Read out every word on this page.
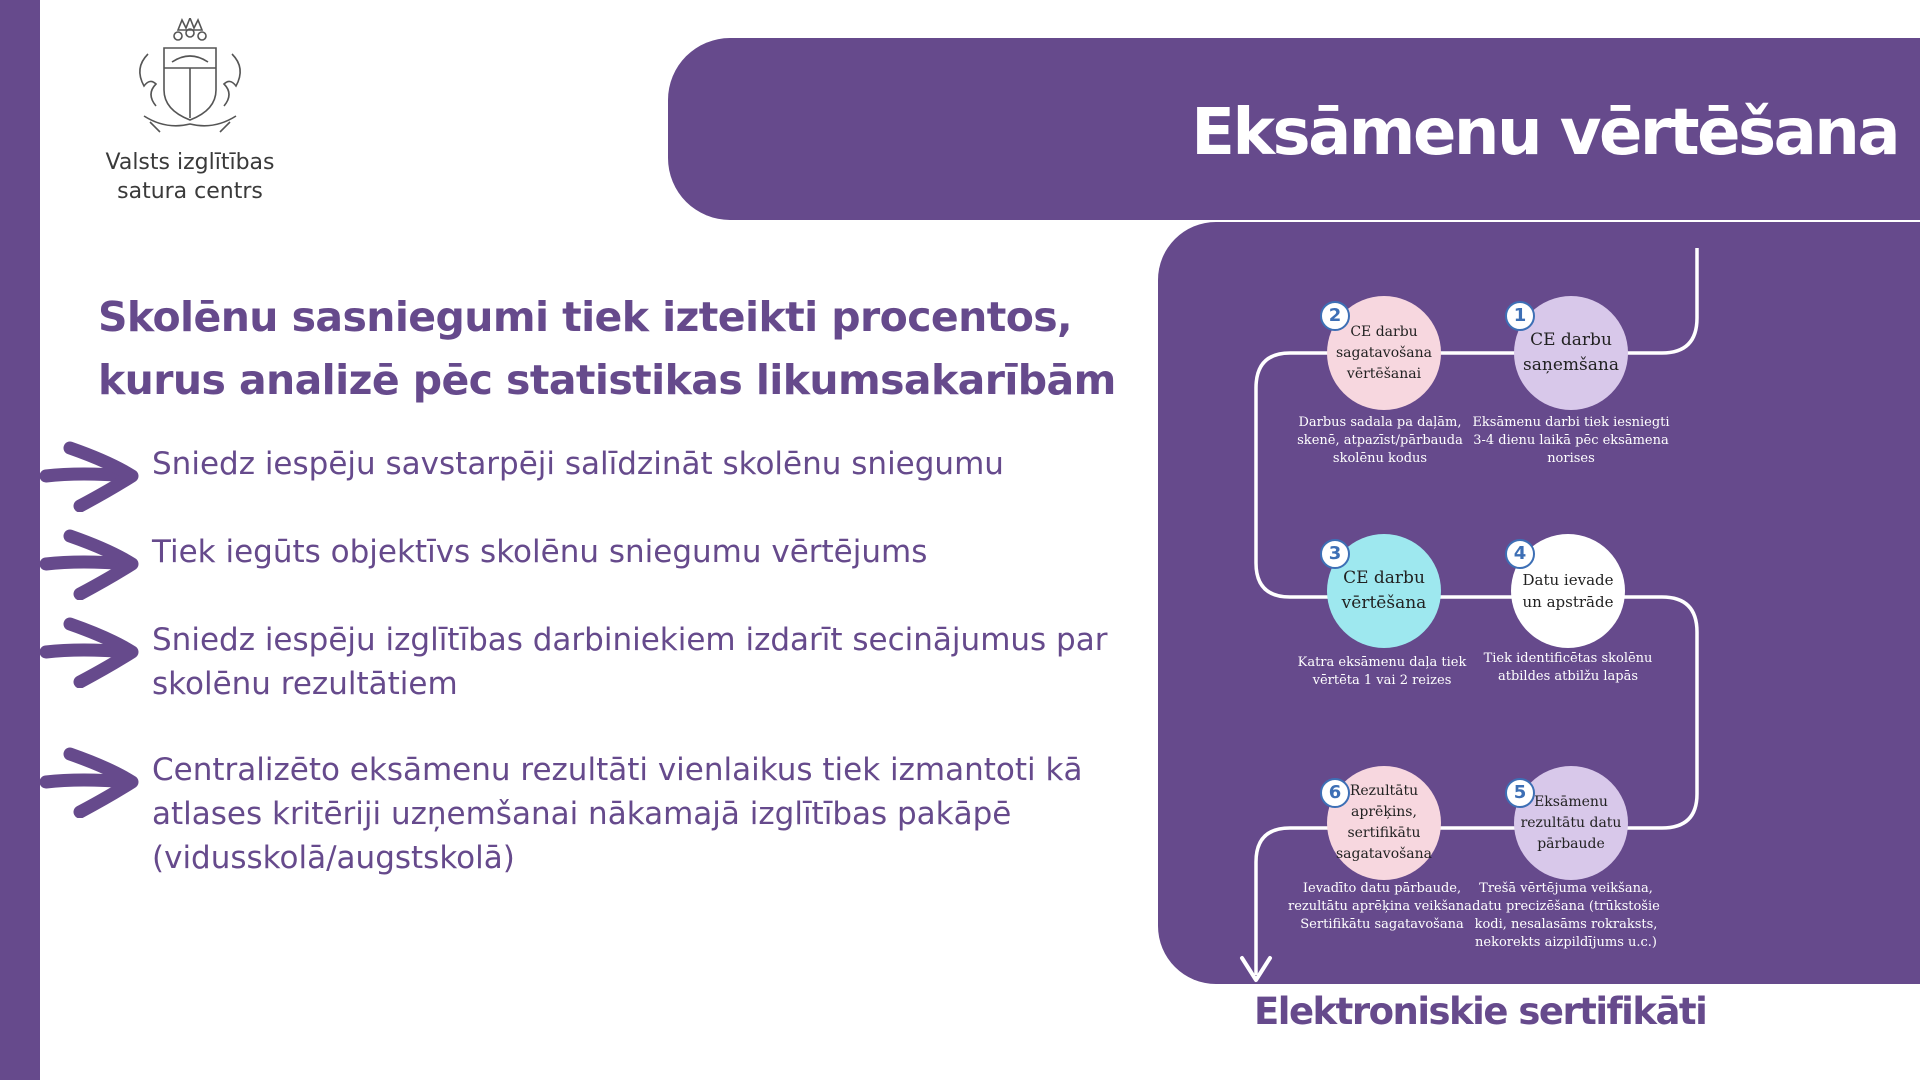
Valsts izglītības
satura centrs
Eksāmenu vērtēšana
Skolēnu sasniegumi tiek izteikti procentos,
kurus analizē pēc statistikas likumsakarībām
Sniedz iespēju savstarpēji salīdzināt skolēnu sniegumu
Tiek iegūts objektīvs skolēnu sniegumu vērtējums
Sniedz iespēju izglītības darbiniekiem izdarīt secinājumus par skolēnu rezultātiem
Centralizēto eksāmenu rezultāti vienlaikus tiek izmantoti kā atlases kritēriji uzņemšanai nākamajā izglītības pakāpē (vidusskolā/augstskolā)
CE darbu saņemšana
1
Eksāmenu darbi tiek iesniegti 3-4 dienu laikā pēc eksāmena norises
CE darbu sagatavošana vērtēšanai
2
Darbus sadala pa daļām, skenē, atpazīst/pārbauda skolēnu kodus
CE darbu vērtēšana
3
Katra eksāmenu daļa tiek vērtēta 1 vai 2 reizes
Datu ievade un apstrāde
4
Tiek identificētas skolēnu atbildes atbilžu lapās
Eksāmenu rezultātu datu pārbaude
5
Trešā vērtējuma veikšana, datu precizēšana (trūkstošie kodi, nesalasāms rokraksts, nekorekts aizpildījums u.c.)
Rezultātu aprēķins, sertifikātu sagatavošana
6
Ievadīto datu pārbaude, rezultātu aprēķina veikšana. Sertifikātu sagatavošana
Elektroniskie sertifikāti
